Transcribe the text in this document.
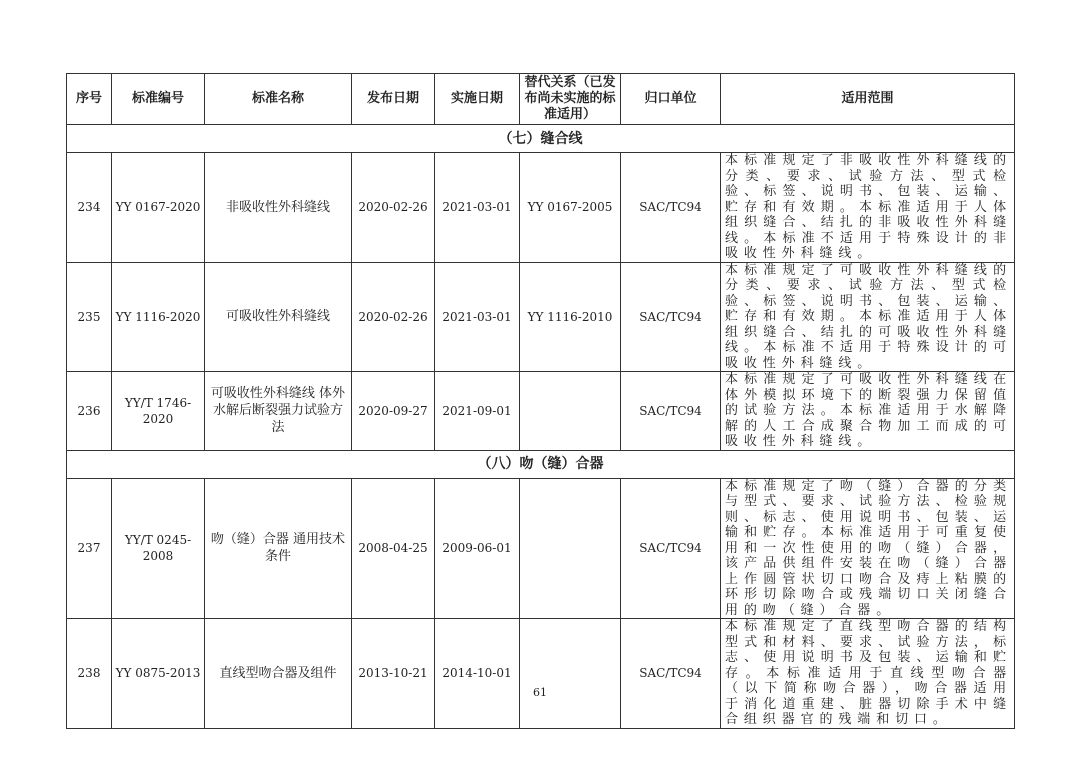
序号	标准编号	标准名称	发布日期	实施日期	替代关系（已发布尚未实施的标准适用）	归口单位	适用范围
（七）缝合线							
234	YY 0167-2020	非吸收性外科缝线	2020-02-26	2021-03-01	YY 0167-2005	SAC/TC94	本标准规定了非吸收性外科缝线的分类、要求、试验方法、型式检验、标签、说明书、包装、运输、贮存和有效期。本标准适用于人体组织缝合、结扎的非吸收性外科缝线。本标准不适用于特殊设计的非吸收性外科缝线。
235	YY 1116-2020	可吸收性外科缝线	2020-02-26	2021-03-01	YY 1116-2010	SAC/TC94	本标准规定了可吸收性外科缝线的分类、要求、试验方法、型式检验、标签、说明书、包装、运输、贮存和有效期。本标准适用于人体组织缝合、结扎的可吸收性外科缝线。本标准不适用于特殊设计的可吸收性外科缝线。
236	YY/T 1746-2020	可吸收性外科缝线 体外水解后断裂强力试验方法	2020-09-27	2021-09-01		SAC/TC94	本标准规定了可吸收性外科缝线在体外模拟环境下的断裂强力保留值的试验方法。本标准适用于水解降解的人工合成聚合物加工而成的可吸收性外科缝线。
（八）吻（缝）合器							
237	YY/T 0245-2008	吻（缝）合器 通用技术条件	2008-04-25	2009-06-01		SAC/TC94	本标准规定了吻（缝）合器的分类与型式、要求、试验方法、检验规则、标志、使用说明书、包装、运输和贮存。本标准适用于可重复使用和一次性使用的吻（缝）合器，该产品供组件安装在吻（缝）合器上作圆管状切口吻合及痔上粘膜的环形切除吻合或残端切口关闭缝合用的吻（缝）合器。
238	YY 0875-2013	直线型吻合器及组件	2013-10-21	2014-10-01		SAC/TC94	本标准规定了直线型吻合器的结构型式和材料、要求、试验方法，标志、使用说明书及包装、运输和贮存。本标准适用于直线型吻合器（以下简称吻合器），吻合器适用于消化道重建、脏器切除手术中缝合组织器官的残端和切口。
61
